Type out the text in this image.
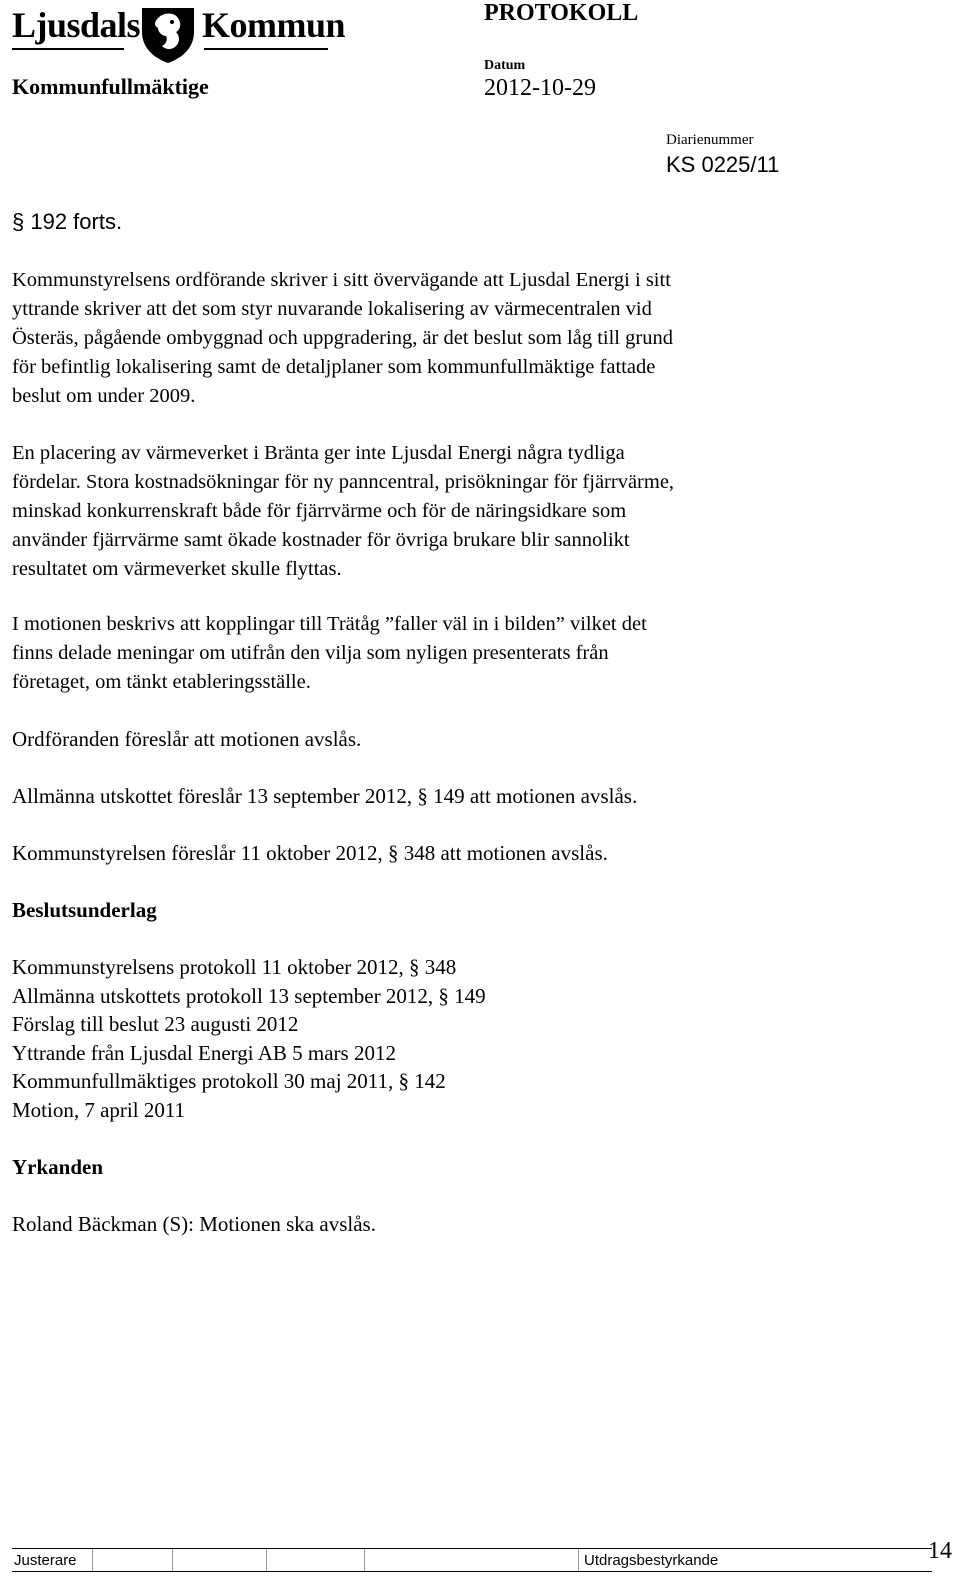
Ljusdals Kommun
Kommunfullmäktige
PROTOKOLL
Datum
2012-10-29
Diarienummer
KS 0225/11
§ 192 forts.
Kommunstyrelsens ordförande skriver i sitt övervägande att Ljusdal Energi i sitt
yttrande skriver att det som styr nuvarande lokalisering av värmecentralen vid
Österäs, pågående ombyggnad och uppgradering, är det beslut som låg till grund
för befintlig lokalisering samt de detaljplaner som kommunfullmäktige fattade
beslut om under 2009.
En placering av värmeverket i Bränta ger inte Ljusdal Energi några tydliga
fördelar. Stora kostnadsökningar för ny panncentral, prisökningar för fjärrvärme,
minskad konkurrenskraft både för fjärrvärme och för de näringsidkare som
använder fjärrvärme samt ökade kostnader för övriga brukare blir sannolikt
resultatet om värmeverket skulle flyttas.
I motionen beskrivs att kopplingar till Trätåg ”faller väl in i bilden” vilket det
finns delade meningar om utifrån den vilja som nyligen presenterats från
företaget, om tänkt etableringsställe.
Ordföranden föreslår att motionen avslås.
Allmänna utskottet föreslår 13 september 2012, § 149 att motionen avslås.
Kommunstyrelsen föreslår 11 oktober 2012, § 348 att motionen avslås.
Beslutsunderlag
Kommunstyrelsens protokoll 11 oktober 2012, § 348
Allmänna utskottets protokoll 13 september 2012, § 149
Förslag till beslut 23 augusti 2012
Yttrande från Ljusdal Energi AB 5 mars 2012
Kommunfullmäktiges protokoll 30 maj 2011, § 142
Motion, 7 april 2011
Yrkanden
Roland Bäckman (S): Motionen ska avslås.
Justerare	Utdragsbestyrkande	14
